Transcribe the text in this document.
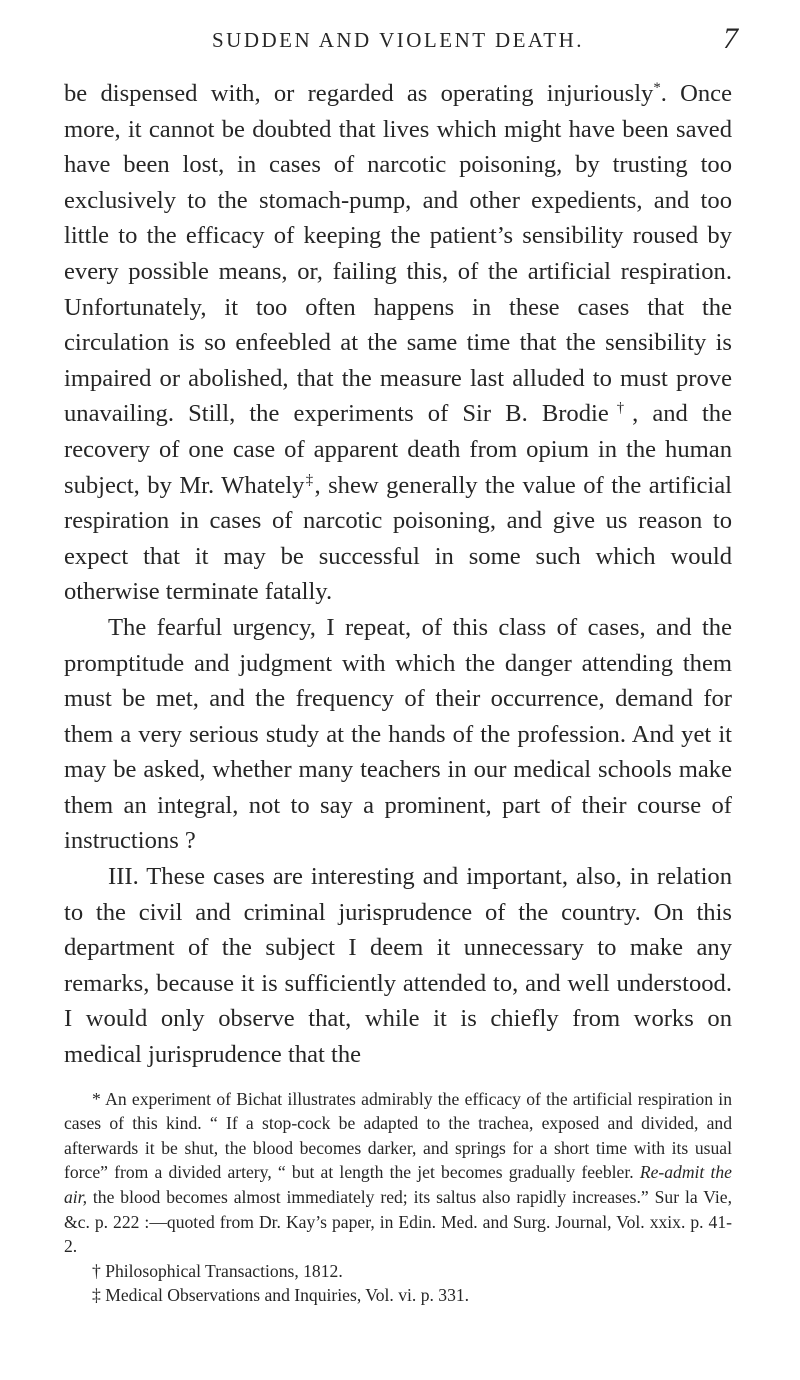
SUDDEN AND VIOLENT DEATH.	7

be dispensed with, or regarded as operating injuriously*. Once more, it cannot be doubted that lives which might have been saved have been lost, in cases of narcotic poisoning, by trusting too exclusively to the stomach-pump, and other expedients, and too little to the efficacy of keeping the patient’s sensibility roused by every possible means, or, failing this, of the artificial respiration. Unfortunately, it too often happens in these cases that the circulation is so enfeebled at the same time that the sensibility is impaired or abolished, that the measure last alluded to must prove unavailing. Still, the experiments of Sir B. Brodie†, and the recovery of one case of apparent death from opium in the human subject, by Mr. Whately‡, shew generally the value of the artificial respiration in cases of narcotic poisoning, and give us reason to expect that it may be successful in some such which would otherwise terminate fatally.

The fearful urgency, I repeat, of this class of cases, and the promptitude and judgment with which the danger attending them must be met, and the frequency of their occurrence, demand for them a very serious study at the hands of the profession. And yet it may be asked, whether many teachers in our medical schools make them an integral, not to say a prominent, part of their course of instructions ?

III. These cases are interesting and important, also, in relation to the civil and criminal jurisprudence of the country. On this department of the subject I deem it unnecessary to make any remarks, because it is sufficiently attended to, and well understood. I would only observe that, while it is chiefly from works on medical jurisprudence that the

* An experiment of Bichat illustrates admirably the efficacy of the artificial respiration in cases of this kind. “ If a stop-cock be adapted to the trachea, exposed and divided, and afterwards it be shut, the blood becomes darker, and springs for a short time with its usual force” from a divided artery, “ but at length the jet becomes gradually feebler. Re-admit the air, the blood becomes almost immediately red; its saltus also rapidly increases.” Sur la Vie, &c. p. 222 :—quoted from Dr. Kay’s paper, in Edin. Med. and Surg. Journal, Vol. xxix. p. 41-2.

† Philosophical Transactions, 1812.

‡ Medical Observations and Inquiries, Vol. vi. p. 331.
